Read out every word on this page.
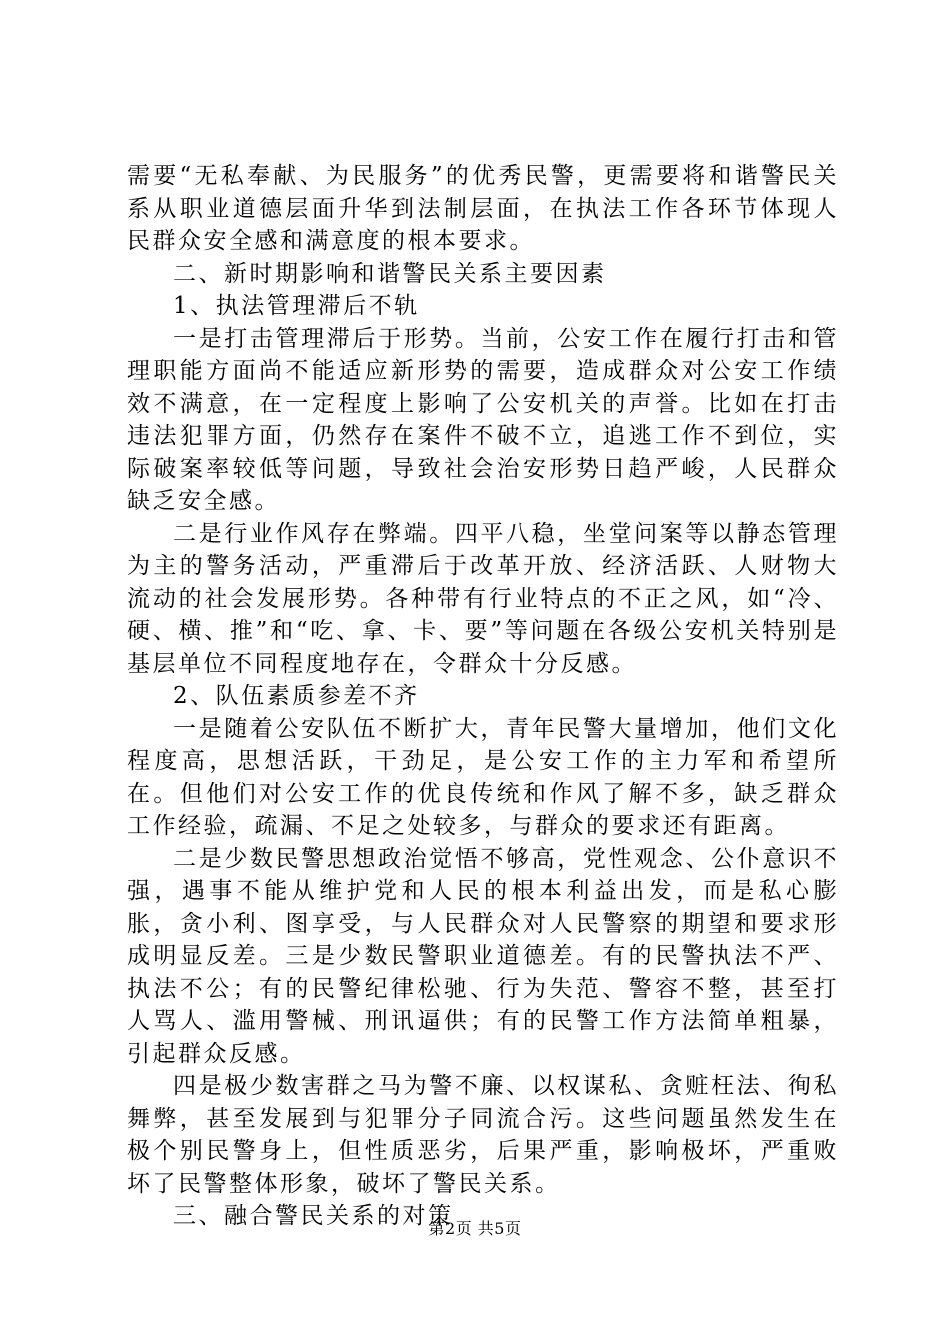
需要“无私奉献、为民服务”的优秀民警，更需要将和谐警民关系从职业道德层面升华到法制层面，在执法工作各环节体现人民群众安全感和满意度的根本要求。

二、新时期影响和谐警民关系主要因素

1、执法管理滞后不轨

一是打击管理滞后于形势。当前，公安工作在履行打击和管理职能方面尚不能适应新形势的需要，造成群众对公安工作绩效不满意，在一定程度上影响了公安机关的声誉。比如在打击违法犯罪方面，仍然存在案件不破不立，追逃工作不到位，实际破案率较低等问题，导致社会治安形势日趋严峻，人民群众缺乏安全感。

二是行业作风存在弊端。四平八稳，坐堂问案等以静态管理为主的警务活动，严重滞后于改革开放、经济活跃、人财物大流动的社会发展形势。各种带有行业特点的不正之风，如“冷、硬、横、推”和“吃、拿、卡、要”等问题在各级公安机关特别是基层单位不同程度地存在，令群众十分反感。

2、队伍素质参差不齐

一是随着公安队伍不断扩大，青年民警大量增加，他们文化程度高，思想活跃，干劲足，是公安工作的主力军和希望所在。但他们对公安工作的优良传统和作风了解不多，缺乏群众工作经验，疏漏、不足之处较多，与群众的要求还有距离。

二是少数民警思想政治觉悟不够高，党性观念、公仆意识不强，遇事不能从维护党和人民的根本利益出发，而是私心膨胀，贪小利、图享受，与人民群众对人民警察的期望和要求形成明显反差。三是少数民警职业道德差。有的民警执法不严、执法不公；有的民警纪律松驰、行为失范、警容不整，甚至打人骂人、滥用警械、刑讯逼供；有的民警工作方法简单粗暴，引起群众反感。

四是极少数害群之马为警不廉、以权谋私、贪赃枉法、徇私舞弊，甚至发展到与犯罪分子同流合污。这些问题虽然发生在极个别民警身上，但性质恶劣，后果严重，影响极坏，严重败坏了民警整体形象，破坏了警民关系。

三、融合警民关系的对策

第2页 共5页
